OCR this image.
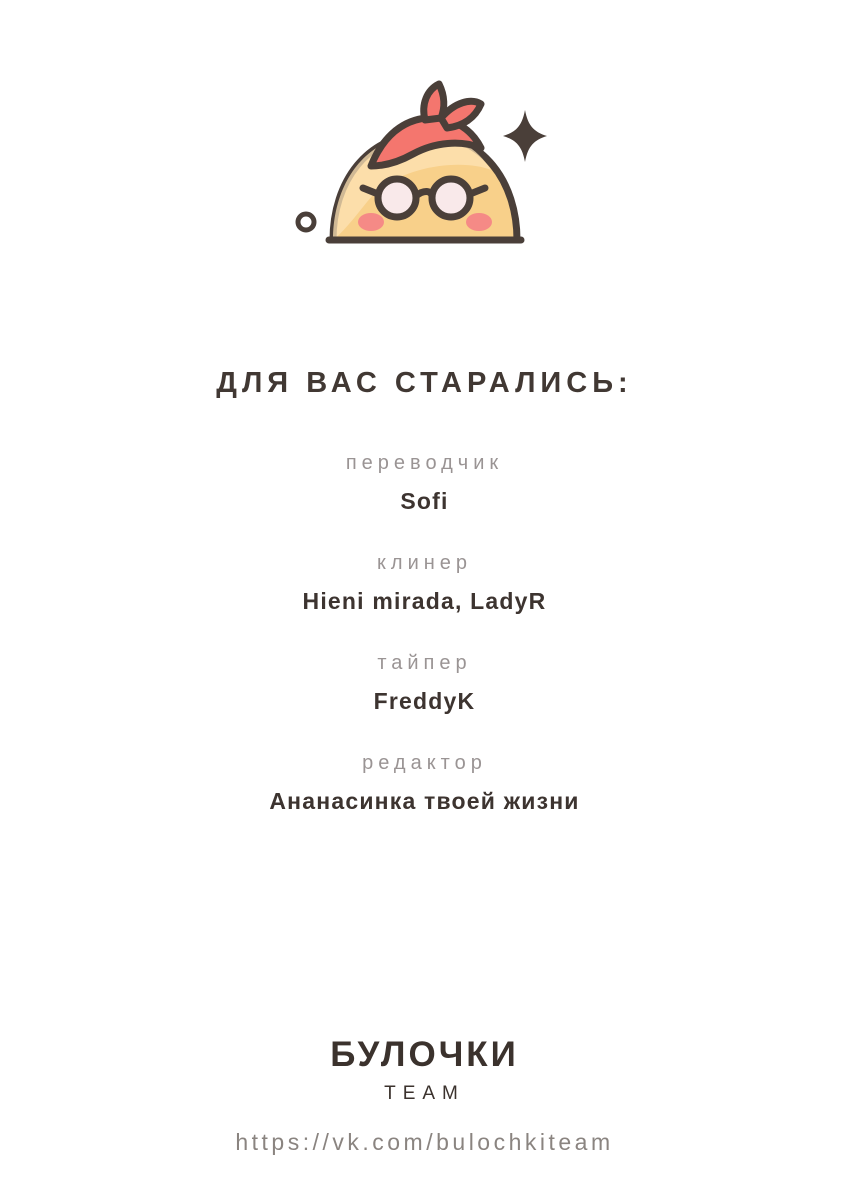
ДЛЯ ВАС СТАРАЛИСЬ:
переводчик
Sofi
клинер
Hieni mirada, LadyR
тайпер
FreddyK
редактор
Ананасинка твоей жизни
БУЛОЧКИ
TEAM
https://vk.com/bulochkiteam
